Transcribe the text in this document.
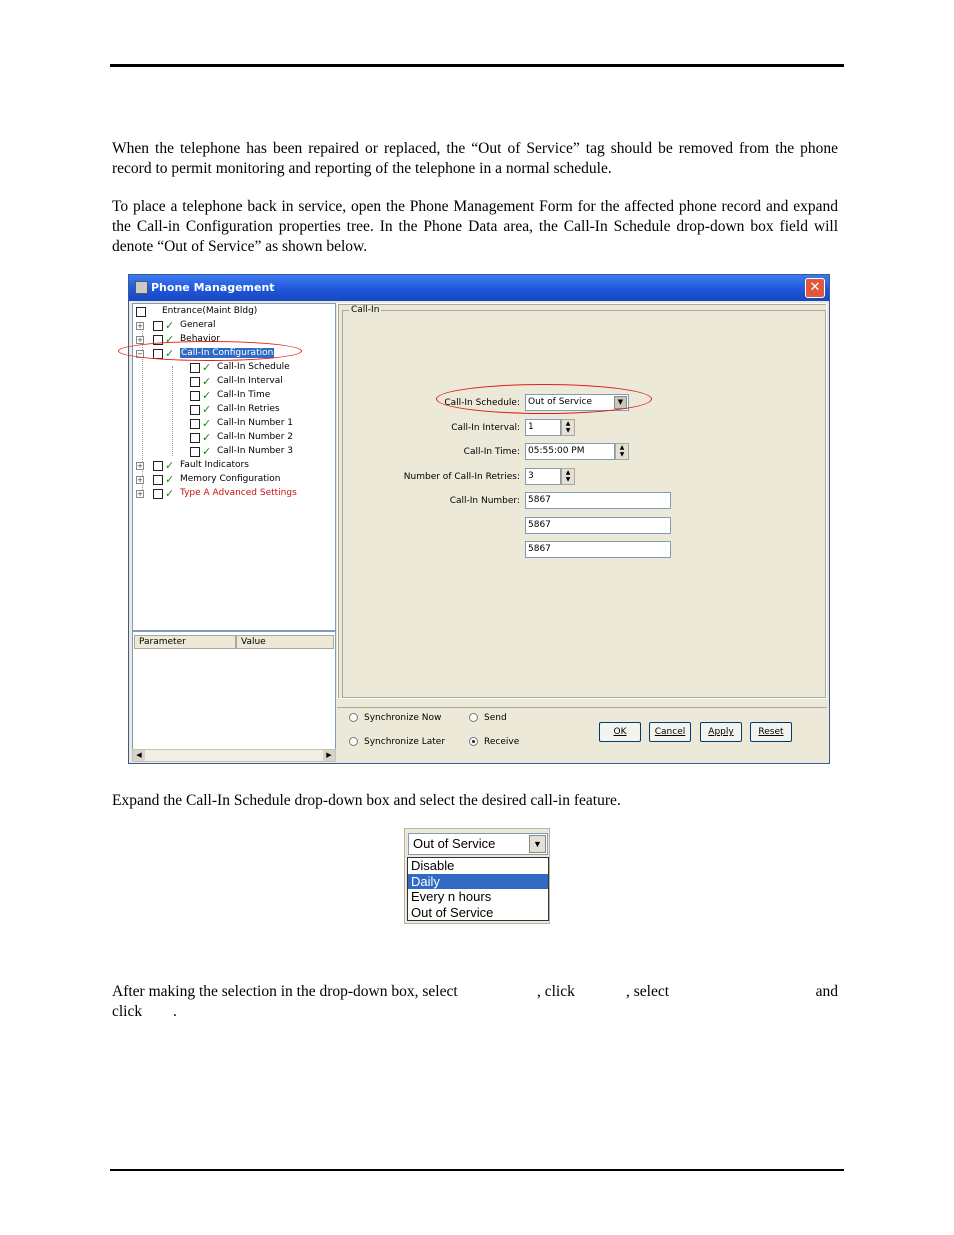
When the telephone has been repaired or replaced, the “Out of Service” tag should be removed from the phone record to permit monitoring and reporting of the telephone in a normal schedule.

To place a telephone back in service, open the Phone Management Form for the affected phone record and expand the Call-in Configuration properties tree. In the Phone Data area, the Call-In Schedule drop-down box field will denote “Out of Service” as shown below.

Phone Management	✕
Entrance(Maint Bldg)
+ ✓ General
+ ✓ Behavior
− ✓ Call-In Configuration
✓ Call-In Schedule
✓ Call-In Interval
✓ Call-In Time
✓ Call-In Retries
✓ Call-In Number 1
✓ Call-In Number 2
✓ Call-In Number 3
+ ✓ Fault Indicators
+ ✓ Memory Configuration
+ ✓ Type A Advanced Settings
Parameter	Value
◀	▶
Call-In
Call-In Schedule: Out of Service	▼
Call-In Interval: 1	▲
▼
Call-In Time: 05:55:00 PM	▲
▼
Number of Call-In Retries: 3	▲
▼
Call-In Number: 5867
5867
5867
Synchronize Now
Synchronize Later
Send
Receive
OK	Cancel	Apply	Reset

Expand the Call-In Schedule drop-down box and select the desired call-in feature.

Out of Service	▼
Disable
Daily
Every n hours
Out of Service

After making the selection in the drop-down box, select	, click	, select	and
click .
